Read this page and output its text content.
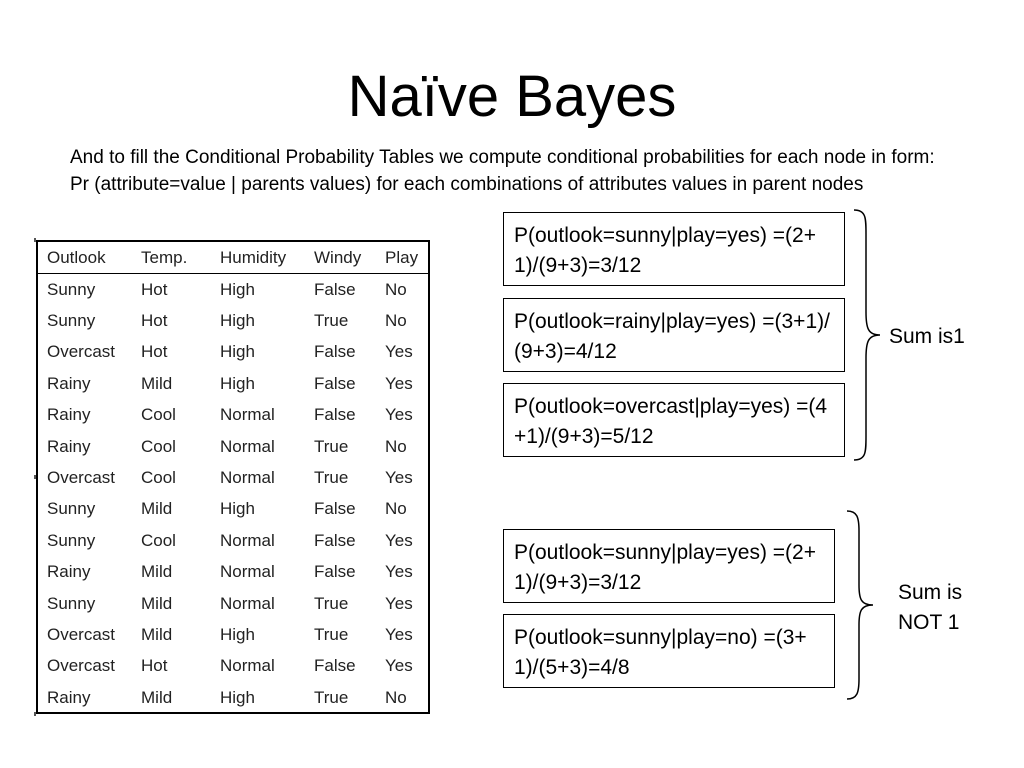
Naïve Bayes
And to fill the Conditional Probability Tables we compute conditional probabilities for each node in form: Pr (attribute=value | parents values) for each combinations of attributes values in parent nodes
Outlook	Temp.	Humidity	Windy	Play
Sunny	Hot	High	False	No
Sunny	Hot	High	True	No
Overcast	Hot	High	False	Yes
Rainy	Mild	High	False	Yes
Rainy	Cool	Normal	False	Yes
Rainy	Cool	Normal	True	No
Overcast	Cool	Normal	True	Yes
Sunny	Mild	High	False	No
Sunny	Cool	Normal	False	Yes
Rainy	Mild	Normal	False	Yes
Sunny	Mild	Normal	True	Yes
Overcast	Mild	High	True	Yes
Overcast	Hot	Normal	False	Yes
Rainy	Mild	High	True	No
P(outlook=sunny|play=yes) =(2+1)/(9+3)=3/12
P(outlook=rainy|play=yes) =(3+1)/(9+3)=4/12
P(outlook=overcast|play=yes) =(4+1)/(9+3)=5/12
Sum is1
P(outlook=sunny|play=yes) =(2+1)/(9+3)=3/12
P(outlook=sunny|play=no) =(3+1)/(5+3)=4/8
Sum is NOT 1
